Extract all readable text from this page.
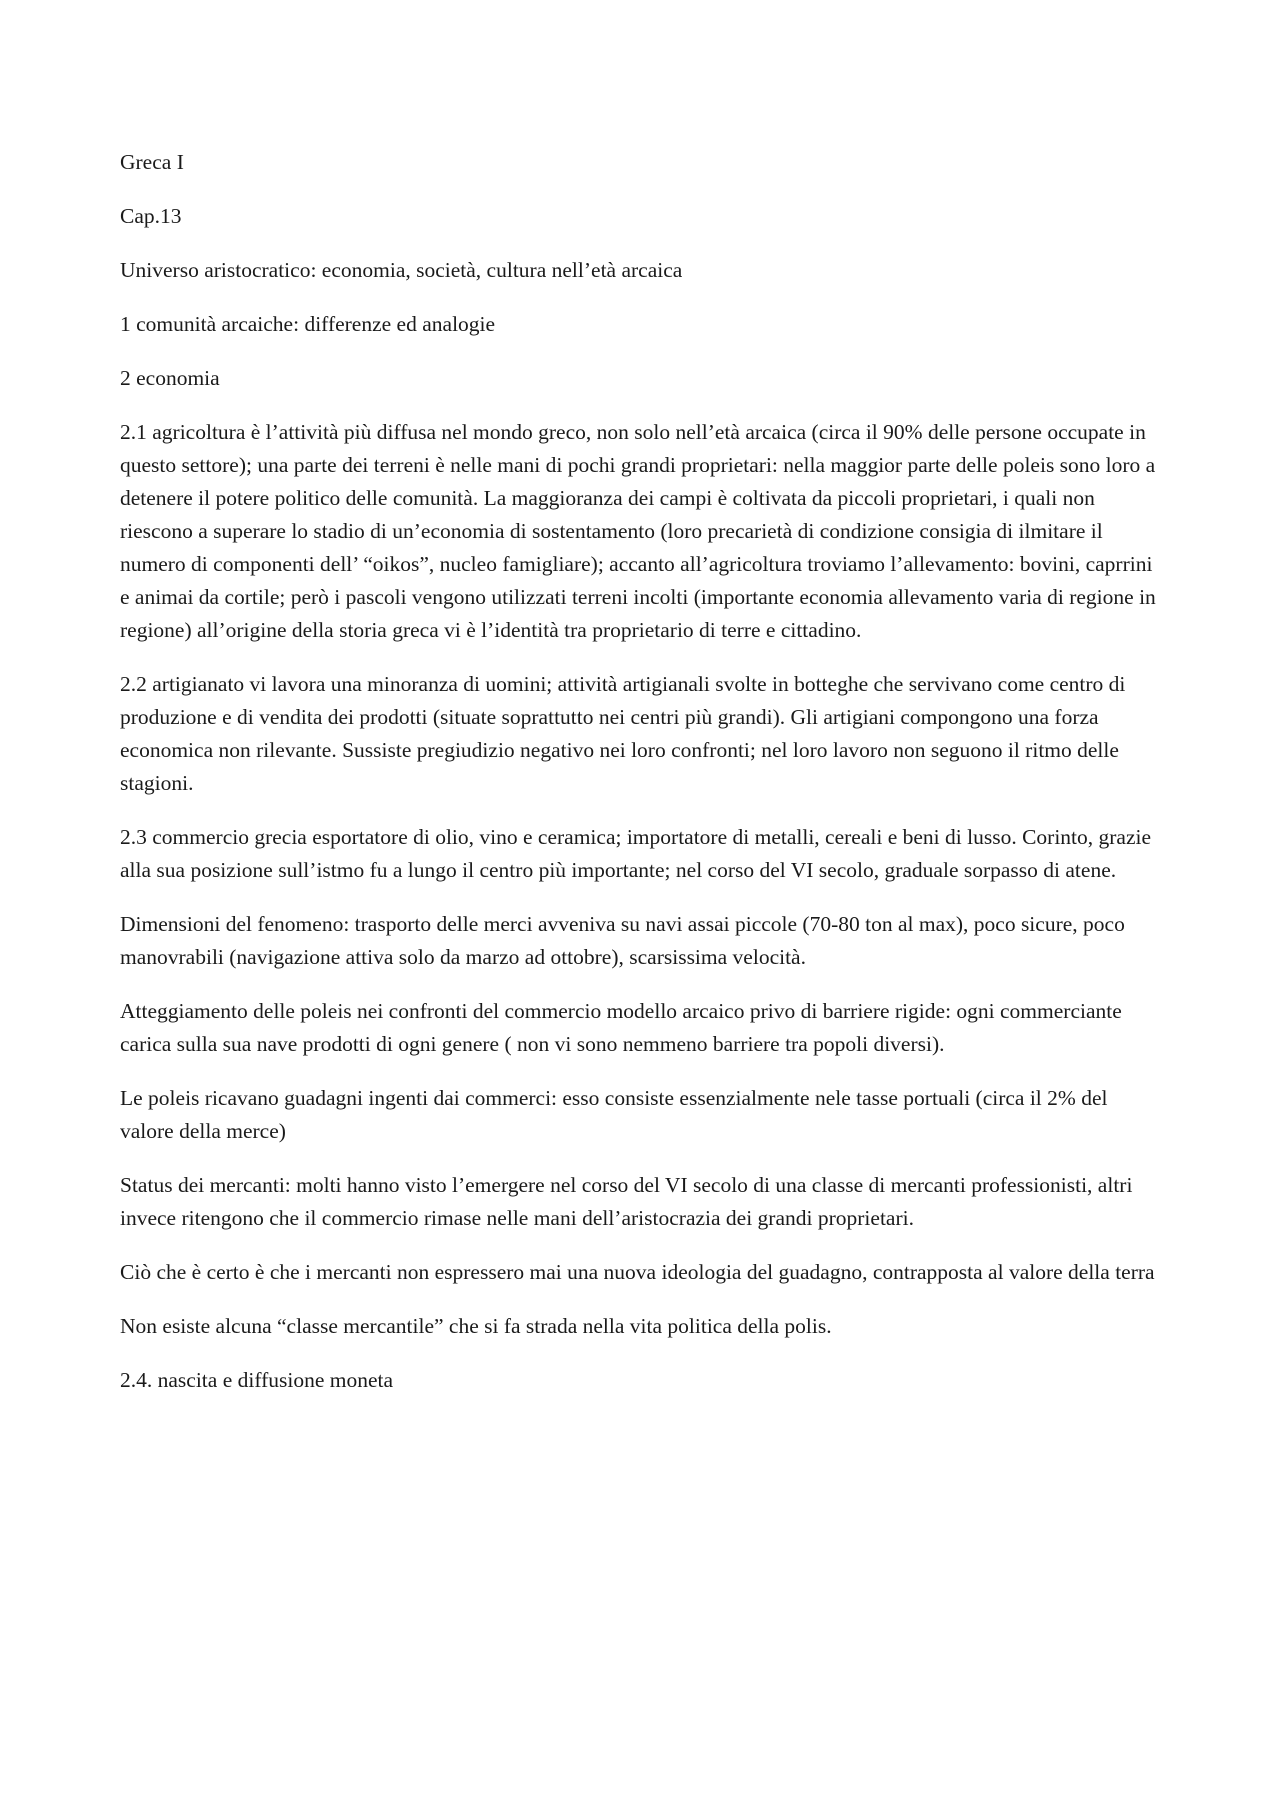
Greca I

Cap.13

Universo aristocratico: economia, società, cultura nell’età arcaica

1 comunità arcaiche: differenze ed analogie

2 economia

2.1 agricoltura è l’attività più diffusa nel mondo greco, non solo nell’età arcaica (circa il 90% delle persone occupate in questo settore); una parte dei terreni è nelle mani di pochi grandi proprietari: nella maggior parte delle poleis sono loro a detenere il potere politico delle comunità. La maggioranza dei campi è coltivata da piccoli proprietari, i quali non riescono a superare lo stadio di un’economia di sostentamento (loro precarietà di condizione consigia di ilmitare il numero di componenti dell’ “oikos”, nucleo famigliare); accanto all’agricoltura troviamo l’allevamento: bovini, caprrini e animai da cortile; però i pascoli vengono utilizzati terreni incolti (importante economia allevamento varia di regione in regione) all’origine della storia greca vi è l’identità tra proprietario di terre e cittadino.

2.2 artigianato vi lavora una minoranza di uomini; attività artigianali svolte in botteghe che servivano come centro di produzione e di vendita dei prodotti (situate soprattutto nei centri più grandi). Gli artigiani compongono una forza economica non rilevante. Sussiste pregiudizio negativo nei loro confronti; nel loro lavoro non seguono il ritmo delle stagioni.

2.3 commercio grecia esportatore di olio, vino e ceramica; importatore di metalli, cereali e beni di lusso. Corinto, grazie alla sua posizione sull’istmo fu a lungo il centro più importante; nel corso del VI secolo, graduale sorpasso di atene.

Dimensioni del fenomeno: trasporto delle merci avveniva su navi assai piccole (70-80 ton al max), poco sicure, poco manovrabili (navigazione attiva solo da marzo ad ottobre), scarsissima velocità.

Atteggiamento delle poleis nei confronti del commercio modello arcaico privo di barriere rigide: ogni commerciante carica sulla sua nave prodotti di ogni genere ( non vi sono nemmeno barriere tra popoli diversi).

Le poleis ricavano guadagni ingenti dai commerci: esso consiste essenzialmente nele tasse portuali (circa il 2% del valore della merce)

Status dei mercanti: molti hanno visto l’emergere nel corso del VI secolo di una classe di mercanti professionisti, altri invece ritengono che il commercio rimase nelle mani dell’aristocrazia dei grandi proprietari.

Ciò che è certo è che i mercanti non espressero mai una nuova ideologia del guadagno, contrapposta al valore della terra

Non esiste alcuna “classe mercantile” che si fa strada nella vita politica della polis.

2.4. nascita e diffusione moneta
